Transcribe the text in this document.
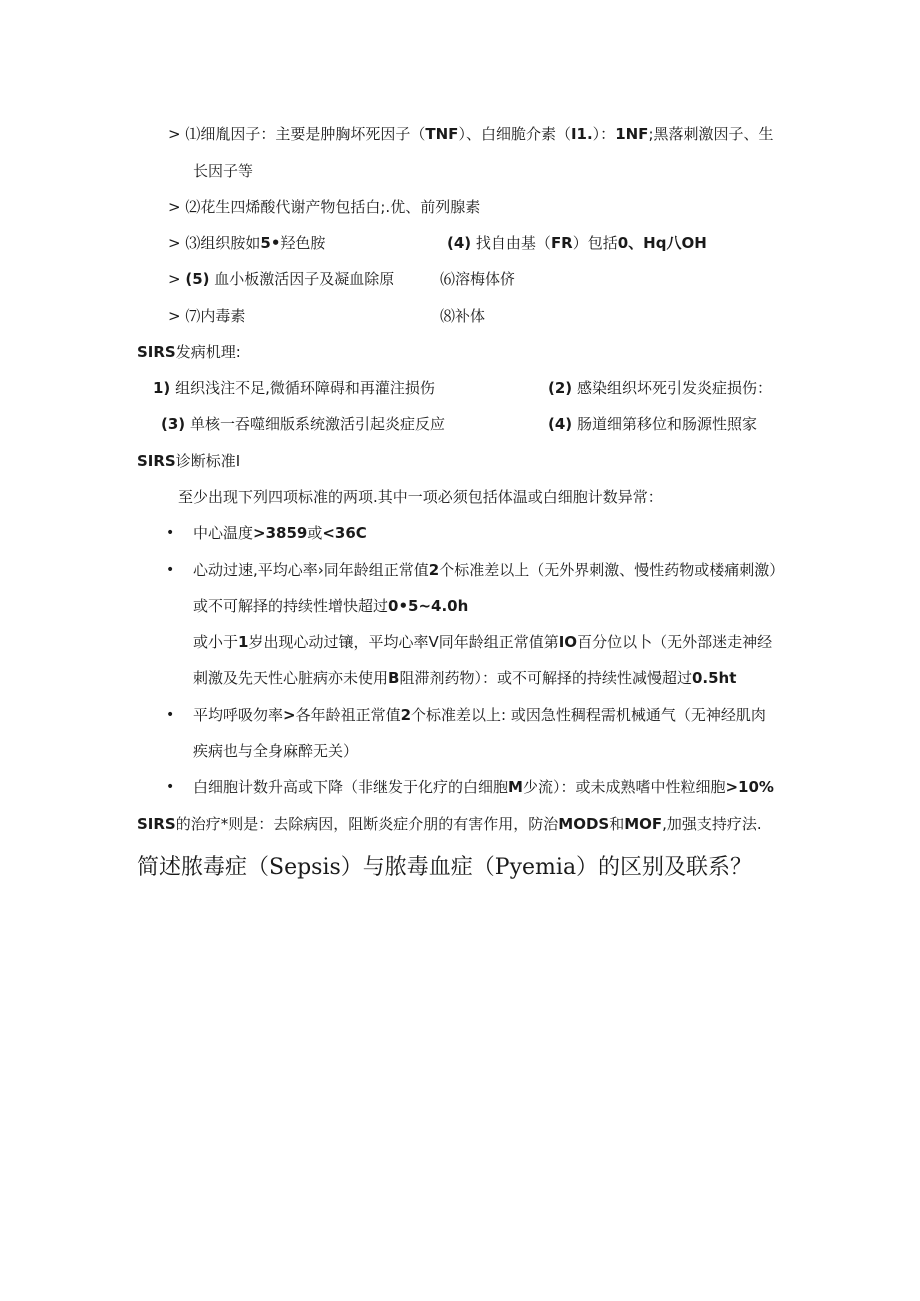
> ⑴细胤因子：主要是肿胸坏死因子（TNF）、白细脆介素（I1.）：1NF;黑落刺激因子、生
长因子等
> ⑵花生四烯酸代谢产物包括白;.优、前列腺素
> ⑶组织胺如5•羟色胺	(4) 找自由基（FR）包括0、Hq八OH
> (5) 血小板激活因子及凝血除原	⑹溶梅体侪
> ⑺内毒素	⑻补体
SIRS发病机理:
1) 组织浅注不足,微循环障碍和再灌注损伤	(2) 感染组织坏死引发炎症损伤：
(3) 单核一吞噬细版系统激活引起炎症反应	(4) 肠道细第移位和肠源性照家
SIRS诊断标准I
至少出现下列四项标准的两项.其中一项必须包括体温或白细胞计数异常：
• 中心温度>3859或<36C
• 心动过速,平均心率›同年龄组正常值2个标准差以上（无外界刺激、慢性药物或楼痛刺激）
或不可解择的持续性增快超过0•5~4.0h
或小于1岁出现心动过镶，平均心率V同年龄组正常值第IO百分位以卜（无外部迷走神经
刺激及先天性心脏病亦未使用B阻滞剂药物）：或不可解择的持续性减慢超过0.5ht
• 平均呼吸勿率>各年龄祖正常值2个标准差以上: 或因急性稠程需机械通气（无神经肌肉
疾病也与全身麻醉无关）
• 白细胞计数升高或下降（非继发于化疗的白细胞M少流）：或未成熟嗜中性粒细胞>10%
SIRS的治疗*则是：去除病因，阻断炎症介朋的有害作用，防治MODS和MOF,加强支持疗法.
简述脓毒症（Sepsis）与脓毒血症（Pyemia）的区别及联系？
